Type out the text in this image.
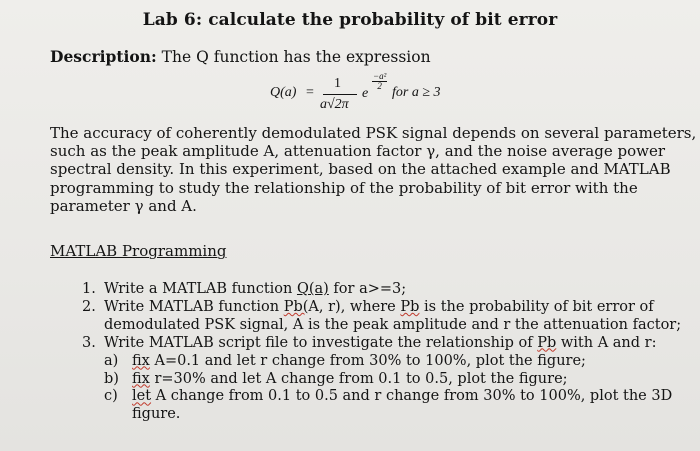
Lab 6: calculate the probability of bit error
Description: The Q function has the expression
Q(a) =
1
a√2π
e
−a²
2 for a ≥ 3
The accuracy of coherently demodulated PSK signal depends on several parameters,
such as the peak amplitude A, attenuation factor γ, and the noise average power
spectral density. In this experiment, based on the attached example and MATLAB
programming to study the relationship of the probability of bit error with the
parameter γ and A.
MATLAB Programming
1. Write a MATLAB function Q(a) for a>=3;
2. Write MATLAB function Pb(A, r), where Pb is the probability of bit error of
demodulated PSK signal, A is the peak amplitude and r the attenuation factor;
3. Write MATLAB script file to investigate the relationship of Pb with A and r:
a) fix A=0.1 and let r change from 30% to 100%, plot the figure;
b) fix r=30% and let A change from 0.1 to 0.5, plot the figure;
c) let A change from 0.1 to 0.5 and r change from 30% to 100%, plot the 3D
figure.
